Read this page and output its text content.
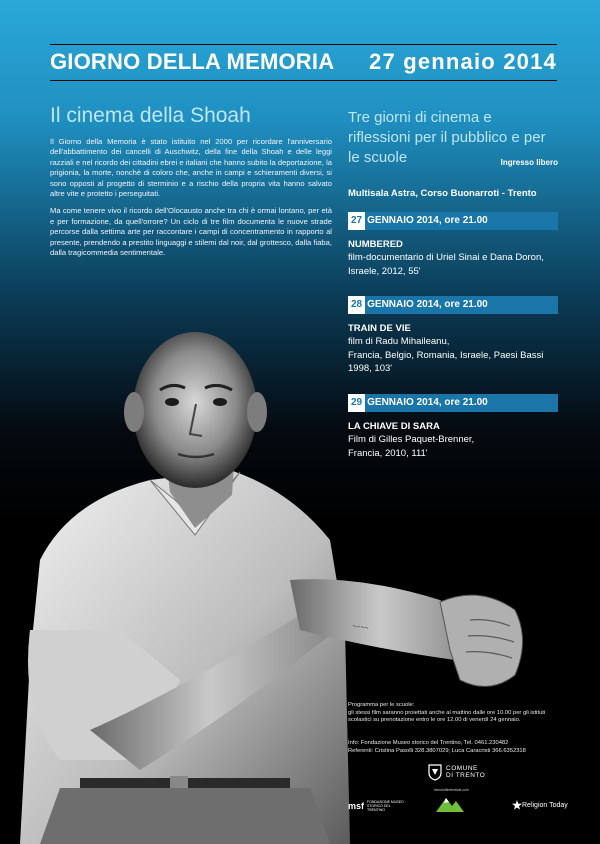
GIORNO DELLA MEMORIA 27 gennaio 2014
Il cinema della Shoah

Il Giorno della Memoria è stato istituito nel 2000 per ricordare l'anniversario dell'abbattimento dei cancelli di Auschwitz, della fine della Shoah e delle leggi razziali e nel ricordo dei cittadini ebrei e italiani che hanno subito la deportazione, la prigionia, la morte, nonchè di coloro che, anche in campi e schieramenti diversi, si sono opposti al progetto di sterminio e a rischio della propria vita hanno salvato altre vite e protetto i perseguitati.

Ma come tenere vivo il ricordo dell'Olocausto anche tra chi è ormai lontano, per età e per formazione, da quell'orrore? Un ciclo di tre film documenta le nuove strade percorse dalla settima arte per raccontare i campi di concentramento in rapporto al presente, prendendo a prestito linguaggi e stilemi dal noir, dal grottesco, dalla fiaba, dalla tragicommedia sentimentale.

Tre giorni di cinema e riflessioni per il pubblico e per le scuole	Ingresso libero
Multisala Astra, Corso Buonarroti - Trento
27 GENNAIO 2014, ore 21.00
NUMBERED
film-documentario di Uriel Sinai e Dana Doron,
Israele, 2012, 55'
28 GENNAIO 2014, ore 21.00
TRAIN DE VIE
film di Radu Mihaileanu,
Francia, Belgio, Romania, Israele, Paesi Bassi
1998, 103'
29 GENNAIO 2014, ore 21.00
LA CHIAVE DI SARA
Film di Gilles Paquet-Brenner,
Francia, 2010, 111'
~~~~
Programma per le scuole:
gli stessi film saranno proiettati anche al mattino dalle ore 10.00 per gli istituti scolastici su prenotazione entro le ore 12.00 di venerdì 24 gennaio.
Info: Fondazione Museo storico del Trentino, Tel. 0461.230482
Referenti: Cristina Pasolli 328.3807029; Luca Caracristi 366.6352318
COMUNE
DI TRENTO
msf FONDAZIONE MUSEO STORICO DEL TRENTINO
#trentofilmfestival.com
Religion Today
